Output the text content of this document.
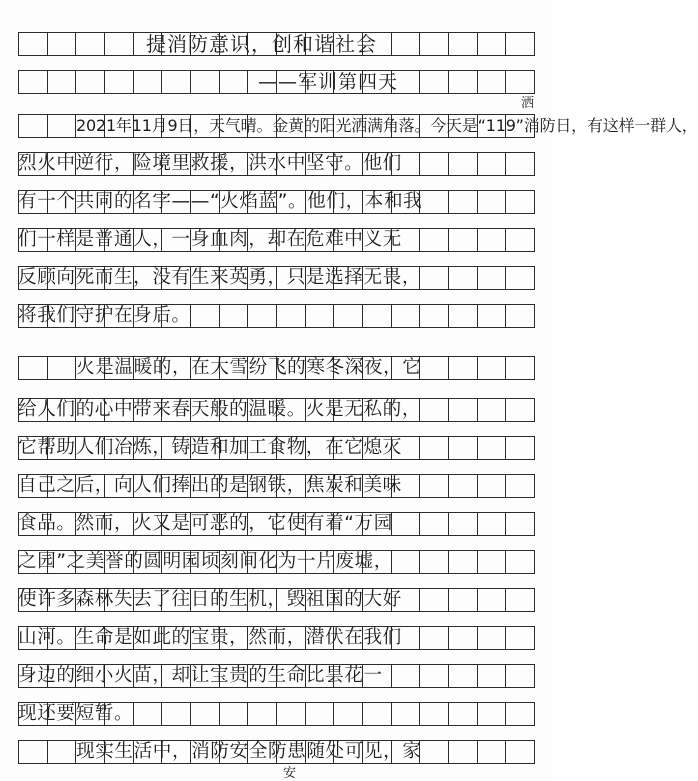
提消防意识，创和谐社会
——军训第四天
2021年11月9日，天气晴。金黄的阳光洒满角落。今天是“119”消防日，有这样一群人，
烈火中逆行，险境里救援，洪水中坚守。他们
有一个共同的名字——“火焰蓝”。他们，本和我
们一样是普通人，一身血肉，却在危难中义无
反顾向死而生，没有生来英勇，只是选择无畏，
将我们守护在身后。
火是温暖的，在大雪纷飞的寒冬深夜，它
给人们的心中带来春天般的温暖。火是无私的，
它帮助人们冶炼，铸造和加工食物，在它熄灭
自己之后，向人们捧出的是钢铁，焦炭和美味
食品。然而，火又是可恶的，它使有着“万园
之园”之美誉的圆明园顷刻间化为一片废墟，
使许多森林失去了往日的生机，毁祖国的大好
山河。生命是如此的宝贵，然而，潜伏在我们
身边的细小火苗，却让宝贵的生命比昙花一
现还要短暂。
现实生活中，消防安全防患随处可见，家
洒
安
